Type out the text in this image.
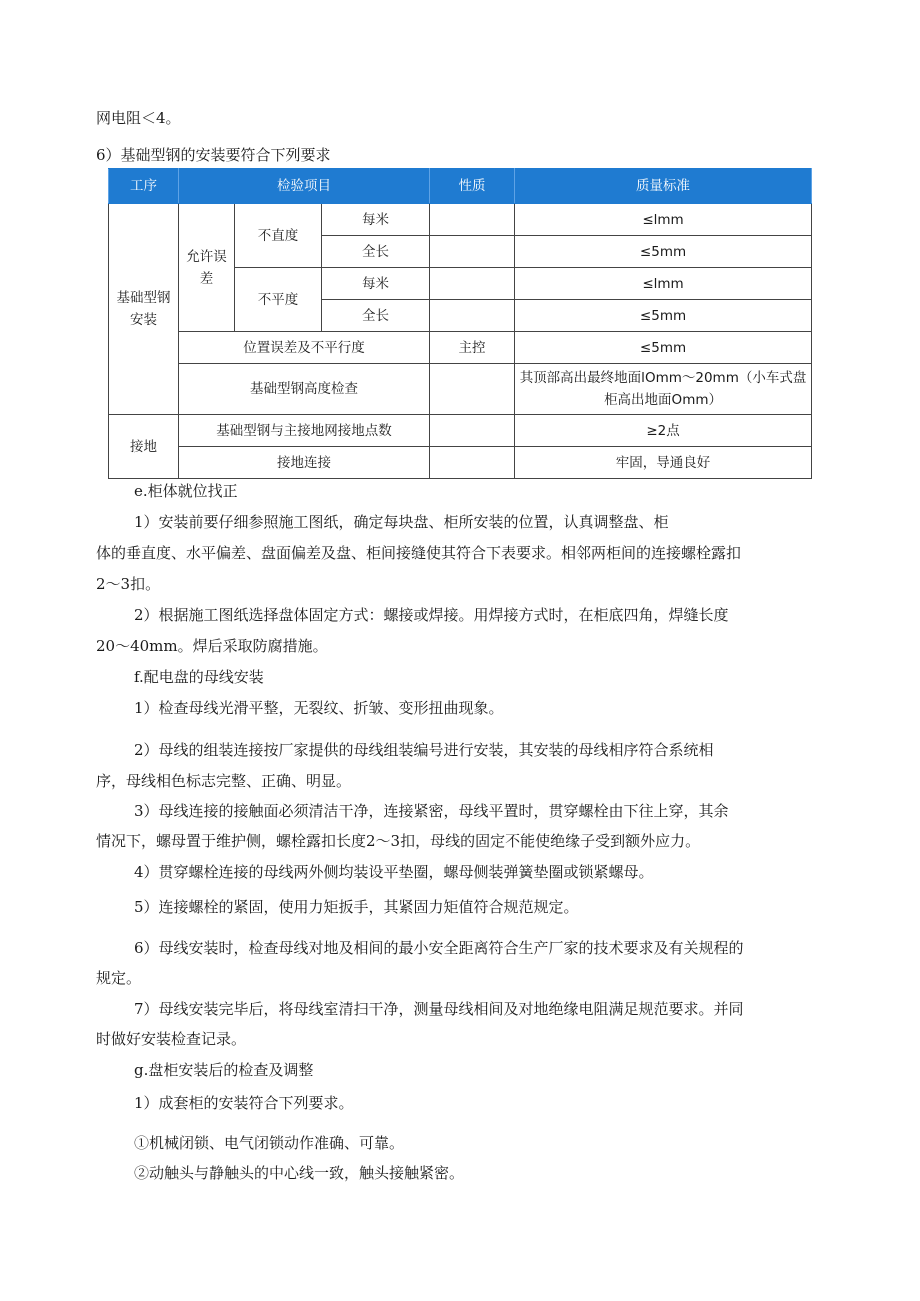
网电阻＜4。
6）基础型钢的安装要符合下列要求
工序	检验项目			性质	质量标准
基础型钢安装	允许误差	不直度	每米		≤lmm
			全长		≤5mm
		不平度	每米		≤lmm
			全长		≤5mm
	位置误差及不平行度			主控	≤5mm
	基础型钢高度检查				其顶部高出最终地面lOmm～20mm（小车式盘柜高出地面Omm）
接地	基础型钢与主接地网接地点数				≥2点
	接地连接				牢固，导通良好
e.柜体就位找正
1）安装前要仔细参照施工图纸，确定每块盘、柜所安装的位置，认真调整盘、柜
体的垂直度、水平偏差、盘面偏差及盘、柜间接缝使其符合下表要求。相邻两柜间的连接螺栓露扣
2～3扣。
2）根据施工图纸选择盘体固定方式：螺接或焊接。用焊接方式时，在柜底四角，焊缝长度
20～40mm。焊后采取防腐措施。
f.配电盘的母线安装
1）检查母线光滑平整，无裂纹、折皱、变形扭曲现象。
2）母线的组装连接按厂家提供的母线组装编号进行安装，其安装的母线相序符合系统相
序，母线相色标志完整、正确、明显。
3）母线连接的接触面必须清洁干净，连接紧密，母线平置时，贯穿螺栓由下往上穿，其余
情况下，螺母置于维护侧，螺栓露扣长度2～3扣，母线的固定不能使绝缘子受到额外应力。
4）贯穿螺栓连接的母线两外侧均装设平垫圈，螺母侧装弹簧垫圈或锁紧螺母。
5）连接螺栓的紧固，使用力矩扳手，其紧固力矩值符合规范规定。
6）母线安装时，检查母线对地及相间的最小安全距离符合生产厂家的技术要求及有关规程的
规定。
7）母线安装完毕后，将母线室清扫干净，测量母线相间及对地绝缘电阻满足规范要求。并同
时做好安装检查记录。
g.盘柜安装后的检查及调整
1）成套柜的安装符合下列要求。
①机械闭锁、电气闭锁动作准确、可靠。
②动触头与静触头的中心线一致，触头接触紧密。
